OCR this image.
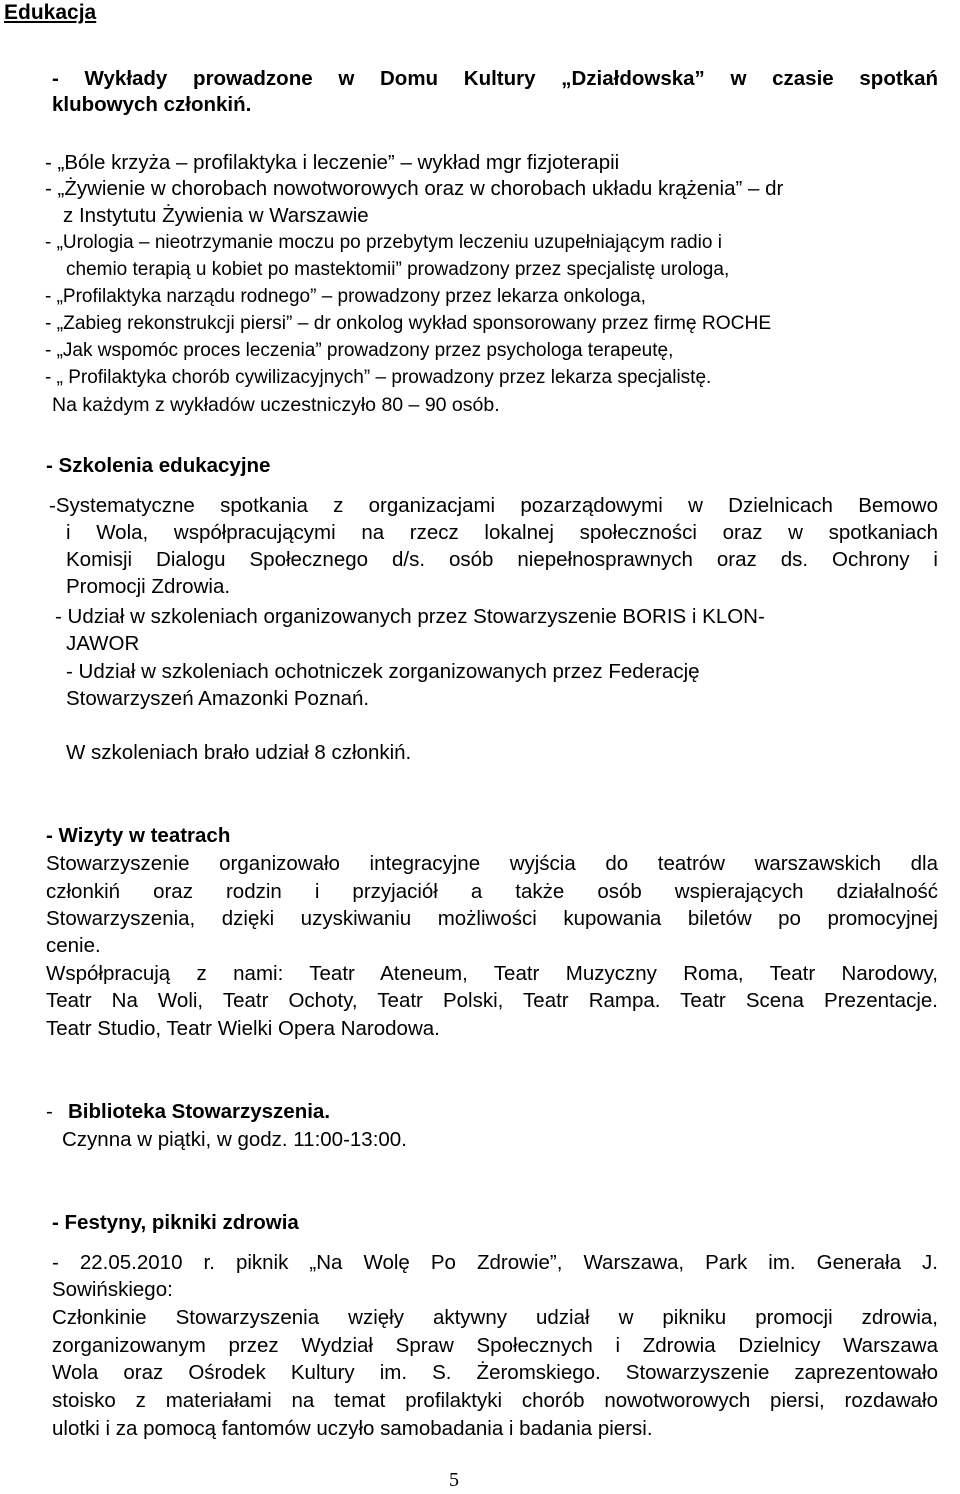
Edukacja
- Wykłady prowadzone w Domu Kultury „Działdowska” w czasie spotkań
klubowych członkiń.
- „Bóle krzyża – profilaktyka i leczenie” – wykład mgr fizjoterapii
- „Żywienie w chorobach nowotworowych oraz w chorobach układu krążenia” – dr
z Instytutu Żywienia w Warszawie
- „Urologia – nieotrzymanie moczu po przebytym leczeniu uzupełniającym radio i
chemio terapią u kobiet po mastektomii” prowadzony przez specjalistę urologa,
- „Profilaktyka narządu rodnego” – prowadzony przez lekarza onkologa,
- „Zabieg rekonstrukcji piersi” – dr onkolog wykład sponsorowany przez firmę ROCHE
- „Jak wspomóc proces leczenia” prowadzony przez psychologa terapeutę,
- „ Profilaktyka chorób cywilizacyjnych” – prowadzony przez lekarza specjalistę.
Na każdym z wykładów uczestniczyło 80 – 90 osób.
- Szkolenia edukacyjne
-Systematyczne spotkania z organizacjami pozarządowymi w Dzielnicach Bemowo
i Wola, współpracującymi na rzecz lokalnej społeczności oraz w spotkaniach
Komisji Dialogu Społecznego d/s. osób niepełnosprawnych oraz ds. Ochrony i
Promocji Zdrowia.
- Udział w szkoleniach organizowanych przez Stowarzyszenie BORIS i KLON-
JAWOR
- Udział w szkoleniach ochotniczek zorganizowanych przez Federację
Stowarzyszeń Amazonki Poznań.
W szkoleniach brało udział 8 członkiń.
- Wizyty w teatrach
Stowarzyszenie organizowało integracyjne wyjścia do teatrów warszawskich dla
członkiń oraz rodzin i przyjaciół a także osób wspierających działalność
Stowarzyszenia, dzięki uzyskiwaniu możliwości kupowania biletów po promocyjnej
cenie.
Współpracują z nami: Teatr Ateneum, Teatr Muzyczny Roma, Teatr Narodowy,
Teatr Na Woli, Teatr Ochoty, Teatr Polski, Teatr Rampa. Teatr Scena Prezentacje.
Teatr Studio, Teatr Wielki Opera Narodowa.
- Biblioteka Stowarzyszenia.
Czynna w piątki, w godz. 11:00-13:00.
- Festyny, pikniki zdrowia
- 22.05.2010 r. piknik „Na Wolę Po Zdrowie”, Warszawa, Park im. Generała J.
Sowińskiego:
Członkinie Stowarzyszenia wzięły aktywny udział w pikniku promocji zdrowia,
zorganizowanym przez Wydział Spraw Społecznych i Zdrowia Dzielnicy Warszawa
Wola oraz Ośrodek Kultury im. S. Żeromskiego. Stowarzyszenie zaprezentowało
stoisko z materiałami na temat profilaktyki chorób nowotworowych piersi, rozdawało
ulotki i za pomocą fantomów uczyło samobadania i badania piersi.
5
